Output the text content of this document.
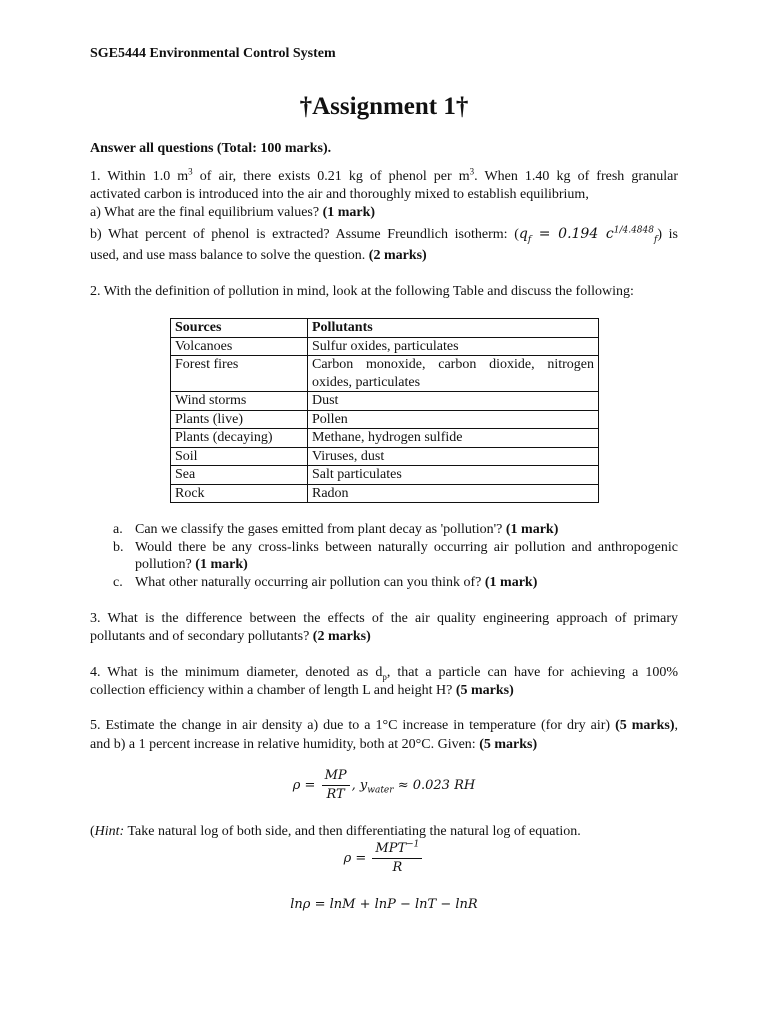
SGE5444 Environmental Control System
†Assignment 1†
Answer all questions (Total: 100 marks).
1. Within 1.0 $m^3$ of air, there exists 0.21 kg of phenol per $m^3$. When 1.40 kg of fresh granular
activated carbon is introduced into the air and thoroughly mixed to establish equilibrium,
a) What are the final equilibrium values? (1 mark)
b) What percent of phenol is extracted? Assume Freundlich isotherm: ($q_f = 0.194$ $c^{1/4.4848}_f$) is
used, and use mass balance to solve the question. (2 marks)
2. With the definition of pollution in mind, look at the following Table and discuss the following:
Sources	Pollutants
Volcanoes	Sulfur oxides, particulates
Forest fires	Carbon monoxide, carbon dioxide, nitrogen oxides, particulates
Wind storms	Dust
Plants (live)	Pollen
Plants (decaying)	Methane, hydrogen sulfide
Soil	Viruses, dust
Sea	Salt particulates
Rock	Radon
a. Can we classify the gases emitted from plant decay as 'pollution'? (1 mark)
b. Would there be any cross-links between naturally occurring air pollution and anthropogenic pollution? (1 mark)
c. What other naturally occurring air pollution can you think of? (1 mark)
3. What is the difference between the effects of the air quality engineering approach of primary
pollutants and of secondary pollutants? (2 marks)
4. What is the minimum diameter, denoted as $d_p$, that a particle can have for achieving a 100%
collection efficiency within a chamber of length L and height H? (5 marks)
5. Estimate the change in air density a) due to a 1°C increase in temperature (for dry air) (5 marks),
and b) a 1 percent increase in relative humidity, both at 20°C. Given: (5 marks)
$\rho = \frac{MP}{RT}$ , $y_{water} \approx 0.023$ RH
(Hint: Take natural log of both side, and then differentiating the natural log of equation.
$\rho = \frac{MPT^{-1}}{R}$
lnρ = lnM + lnP − lnT − lnR
